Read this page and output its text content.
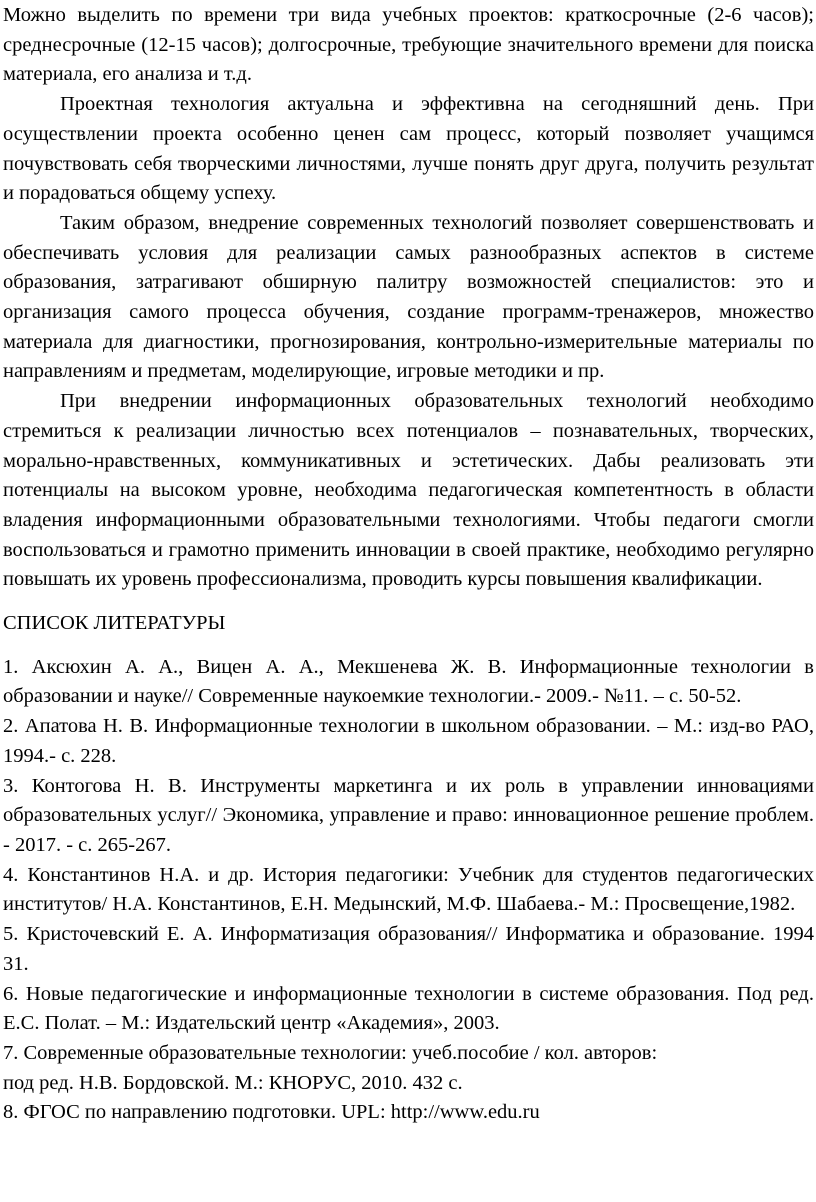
Можно выделить по времени три вида учебных проектов: краткосрочные (2-6 часов); среднесрочные (12-15 часов); долгосрочные, требующие значительного времени для поиска материала, его анализа и т.д.

Проектная технология актуальна и эффективна на сегодняшний день. При осуществлении проекта особенно ценен сам процесс, который позволяет учащимся почувствовать себя творческими личностями, лучше понять друг друга, получить результат и порадоваться общему успеху.

Таким образом, внедрение современных технологий позволяет совершенствовать и обеспечивать условия для реализации самых разнообразных аспектов в системе образования, затрагивают обширную палитру возможностей специалистов: это и организация самого процесса обучения, создание программ-тренажеров, множество материала для диагностики, прогнозирования, контрольно-измерительные материалы по направлениям и предметам, моделирующие, игровые методики и пр.

При внедрении информационных образовательных технологий необходимо стремиться к реализации личностью всех потенциалов – познавательных, творческих, морально-нравственных, коммуникативных и эстетических. Дабы реализовать эти потенциалы на высоком уровне, необходима педагогическая компетентность в области владения информационными образовательными технологиями. Чтобы педагоги смогли воспользоваться и грамотно применить инновации в своей практике, необходимо регулярно повышать их уровень профессионализма, проводить курсы повышения квалификации.

СПИСОК ЛИТЕРАТУРЫ

1. Аксюхин А. А., Вицен А. А., Мекшенева Ж. В. Информационные технологии в образовании и науке// Современные наукоемкие технологии.- 2009.- №11. – с. 50-52.

2. Апатова Н. В. Информационные технологии в школьном образовании. – М.: изд-во РАО, 1994.- с. 228.

3. Контогова Н. В. Инструменты маркетинга и их роль в управлении инновациями образовательных услуг// Экономика, управление и право: инновационное решение проблем. - 2017. - с. 265-267.

4. Константинов Н.А. и др. История педагогики: Учебник для студентов педагогических институтов/ Н.А. Константинов, Е.Н. Медынский, М.Ф. Шабаева.- М.: Просвещение,1982.

5. Кристочевский Е. А. Информатизация образования// Информатика и образование. 1994 31.

6. Новые педагогические и информационные технологии в системе образования. Под ред. Е.С. Полат. – М.: Издательский центр «Академия», 2003.

7. Современные образовательные технологии: учеб.пособие / кол. авторов:

под ред. Н.В. Бордовской. М.: КНОРУС, 2010. 432 с.

8. ФГОС по направлению подготовки. UPL: http://www.edu.ru
